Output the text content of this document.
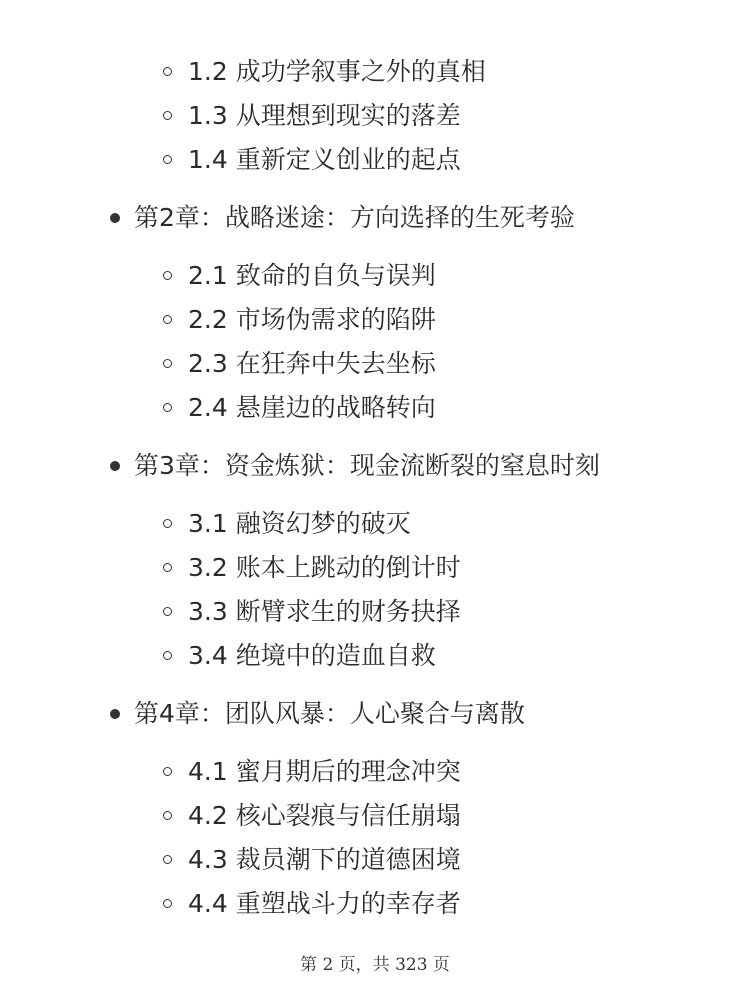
1.2 成功学叙事之外的真相
1.3 从理想到现实的落差
1.4 重新定义创业的起点
第2章：战略迷途：方向选择的生死考验
2.1 致命的自负与误判
2.2 市场伪需求的陷阱
2.3 在狂奔中失去坐标
2.4 悬崖边的战略转向
第3章：资金炼狱：现金流断裂的窒息时刻
3.1 融资幻梦的破灭
3.2 账本上跳动的倒计时
3.3 断臂求生的财务抉择
3.4 绝境中的造血自救
第4章：团队风暴：人心聚合与离散
4.1 蜜月期后的理念冲突
4.2 核心裂痕与信任崩塌
4.3 裁员潮下的道德困境
4.4 重塑战斗力的幸存者
第 2 页，共 323 页
